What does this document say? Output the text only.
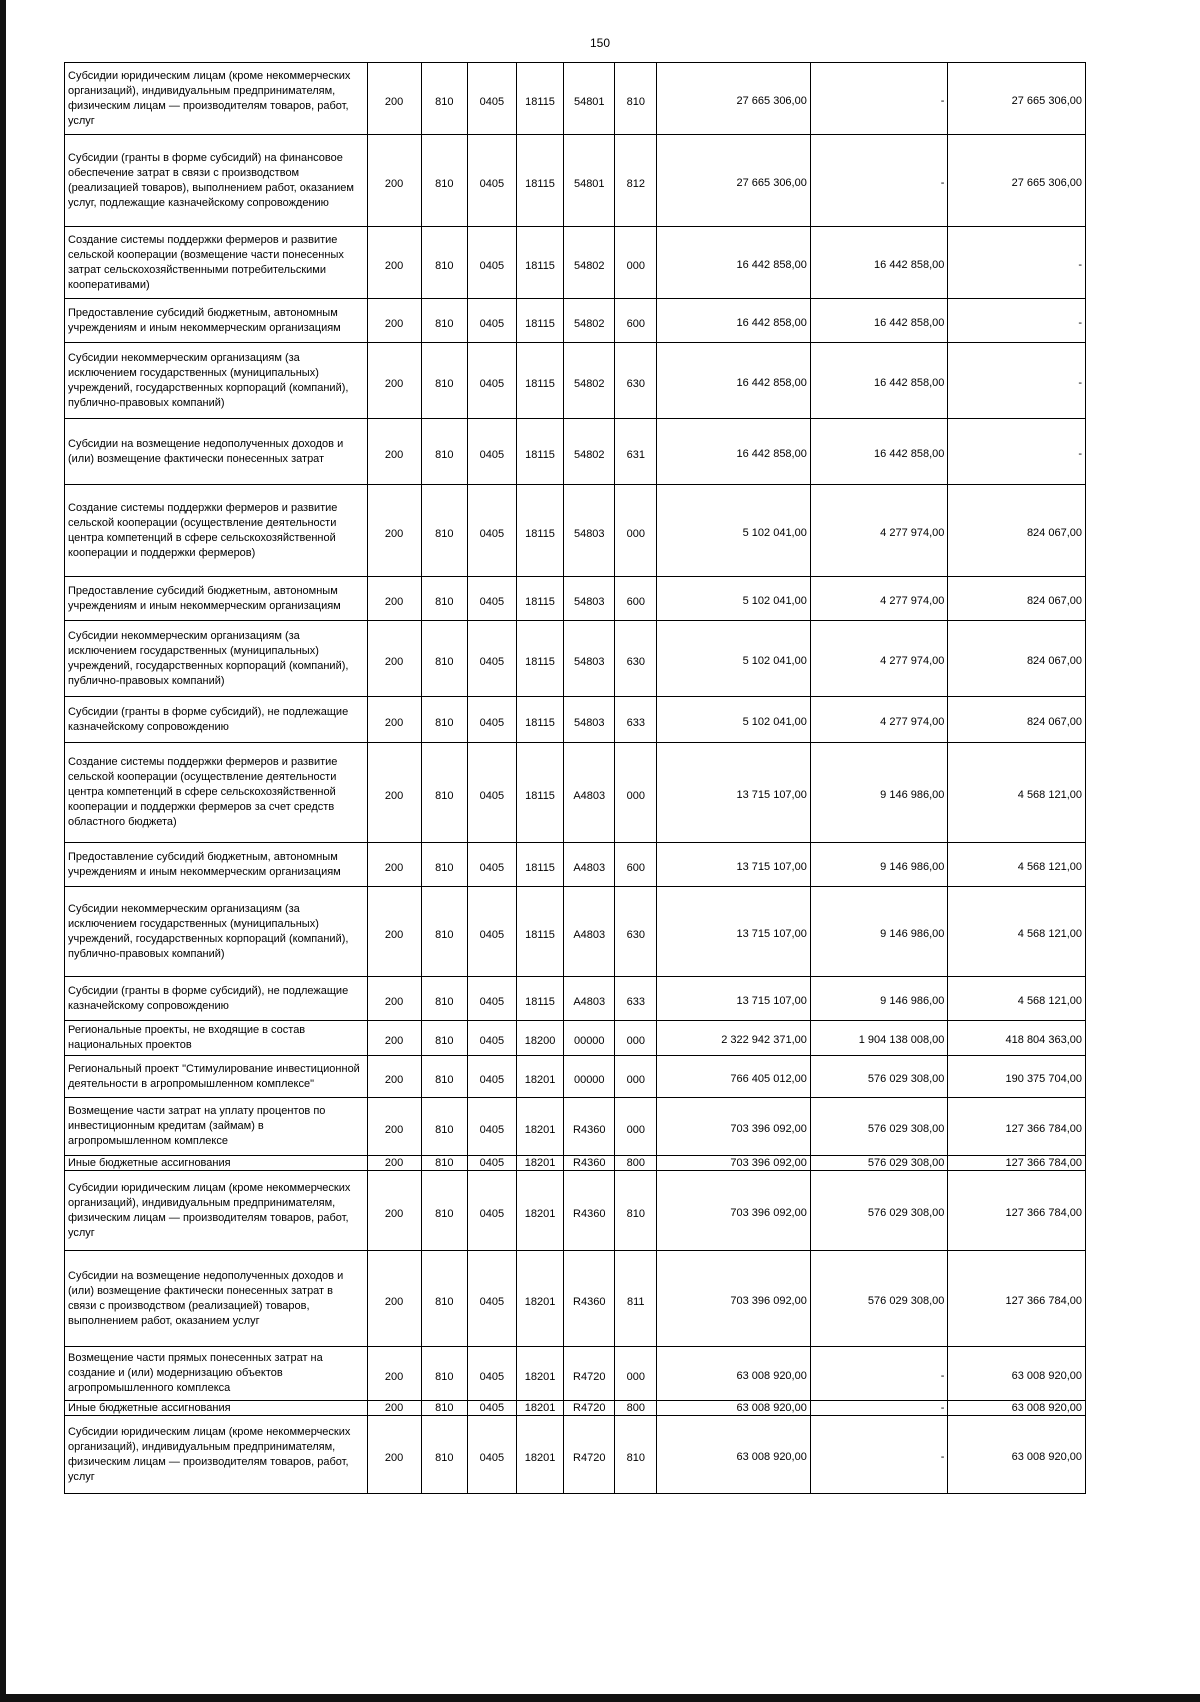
150
Субсидии юридическим лицам (кроме некоммерческих организаций), индивидуальным предпринимателям, физическим лицам — производителям товаров, работ, услуг	200	810	0405	18115	54801	810	27 665 306,00	-	27 665 306,00
Субсидии (гранты в форме субсидий) на финансовое обеспечение затрат в связи с производством (реализацией товаров), выполнением работ, оказанием услуг, подлежащие казначейскому сопровождению	200	810	0405	18115	54801	812	27 665 306,00	-	27 665 306,00
Создание системы поддержки фермеров и развитие сельской кооперации (возмещение части понесенных затрат сельскохозяйственными потребительскими кооперативами)	200	810	0405	18115	54802	000	16 442 858,00	16 442 858,00	-
Предоставление субсидий бюджетным, автономным учреждениям и иным некоммерческим организациям	200	810	0405	18115	54802	600	16 442 858,00	16 442 858,00	-
Субсидии некоммерческим организациям (за исключением государственных (муниципальных) учреждений, государственных корпораций (компаний), публично-правовых компаний)	200	810	0405	18115	54802	630	16 442 858,00	16 442 858,00	-
Субсидии на возмещение недополученных доходов и (или) возмещение фактически понесенных затрат	200	810	0405	18115	54802	631	16 442 858,00	16 442 858,00	-
Создание системы поддержки фермеров и развитие сельской кооперации (осуществление деятельности центра компетенций в сфере сельскохозяйственной кооперации и поддержки фермеров)	200	810	0405	18115	54803	000	5 102 041,00	4 277 974,00	824 067,00
Предоставление субсидий бюджетным, автономным учреждениям и иным некоммерческим организациям	200	810	0405	18115	54803	600	5 102 041,00	4 277 974,00	824 067,00
Субсидии некоммерческим организациям (за исключением государственных (муниципальных) учреждений, государственных корпораций (компаний), публично-правовых компаний)	200	810	0405	18115	54803	630	5 102 041,00	4 277 974,00	824 067,00
Субсидии (гранты в форме субсидий), не подлежащие казначейскому сопровождению	200	810	0405	18115	54803	633	5 102 041,00	4 277 974,00	824 067,00
Создание системы поддержки фермеров и развитие сельской кооперации (осуществление деятельности центра компетенций в сфере сельскохозяйственной кооперации и поддержки фермеров за счет средств областного бюджета)	200	810	0405	18115	A4803	000	13 715 107,00	9 146 986,00	4 568 121,00
Предоставление субсидий бюджетным, автономным учреждениям и иным некоммерческим организациям	200	810	0405	18115	A4803	600	13 715 107,00	9 146 986,00	4 568 121,00
Субсидии некоммерческим организациям (за исключением государственных (муниципальных) учреждений, государственных корпораций (компаний), публично-правовых компаний)	200	810	0405	18115	A4803	630	13 715 107,00	9 146 986,00	4 568 121,00
Субсидии (гранты в форме субсидий), не подлежащие казначейскому сопровождению	200	810	0405	18115	A4803	633	13 715 107,00	9 146 986,00	4 568 121,00
Региональные проекты, не входящие в состав национальных проектов	200	810	0405	18200	00000	000	2 322 942 371,00	1 904 138 008,00	418 804 363,00
Региональный проект "Стимулирование инвестиционной деятельности в агропромышленном комплексе"	200	810	0405	18201	00000	000	766 405 012,00	576 029 308,00	190 375 704,00
Возмещение части затрат на уплату процентов по инвестиционным кредитам (займам) в агропромышленном комплексе	200	810	0405	18201	R4360	000	703 396 092,00	576 029 308,00	127 366 784,00
Иные бюджетные ассигнования	200	810	0405	18201	R4360	800	703 396 092,00	576 029 308,00	127 366 784,00
Субсидии юридическим лицам (кроме некоммерческих организаций), индивидуальным предпринимателям, физическим лицам — производителям товаров, работ, услуг	200	810	0405	18201	R4360	810	703 396 092,00	576 029 308,00	127 366 784,00
Субсидии на возмещение недополученных доходов и (или) возмещение фактически понесенных затрат в связи с производством (реализацией) товаров, выполнением работ, оказанием услуг	200	810	0405	18201	R4360	811	703 396 092,00	576 029 308,00	127 366 784,00
Возмещение части прямых понесенных затрат на создание и (или) модернизацию объектов агропромышленного комплекса	200	810	0405	18201	R4720	000	63 008 920,00	-	63 008 920,00
Иные бюджетные ассигнования	200	810	0405	18201	R4720	800	63 008 920,00	-	63 008 920,00
Субсидии юридическим лицам (кроме некоммерческих организаций), индивидуальным предпринимателям, физическим лицам — производителям товаров, работ, услуг	200	810	0405	18201	R4720	810	63 008 920,00	-	63 008 920,00
